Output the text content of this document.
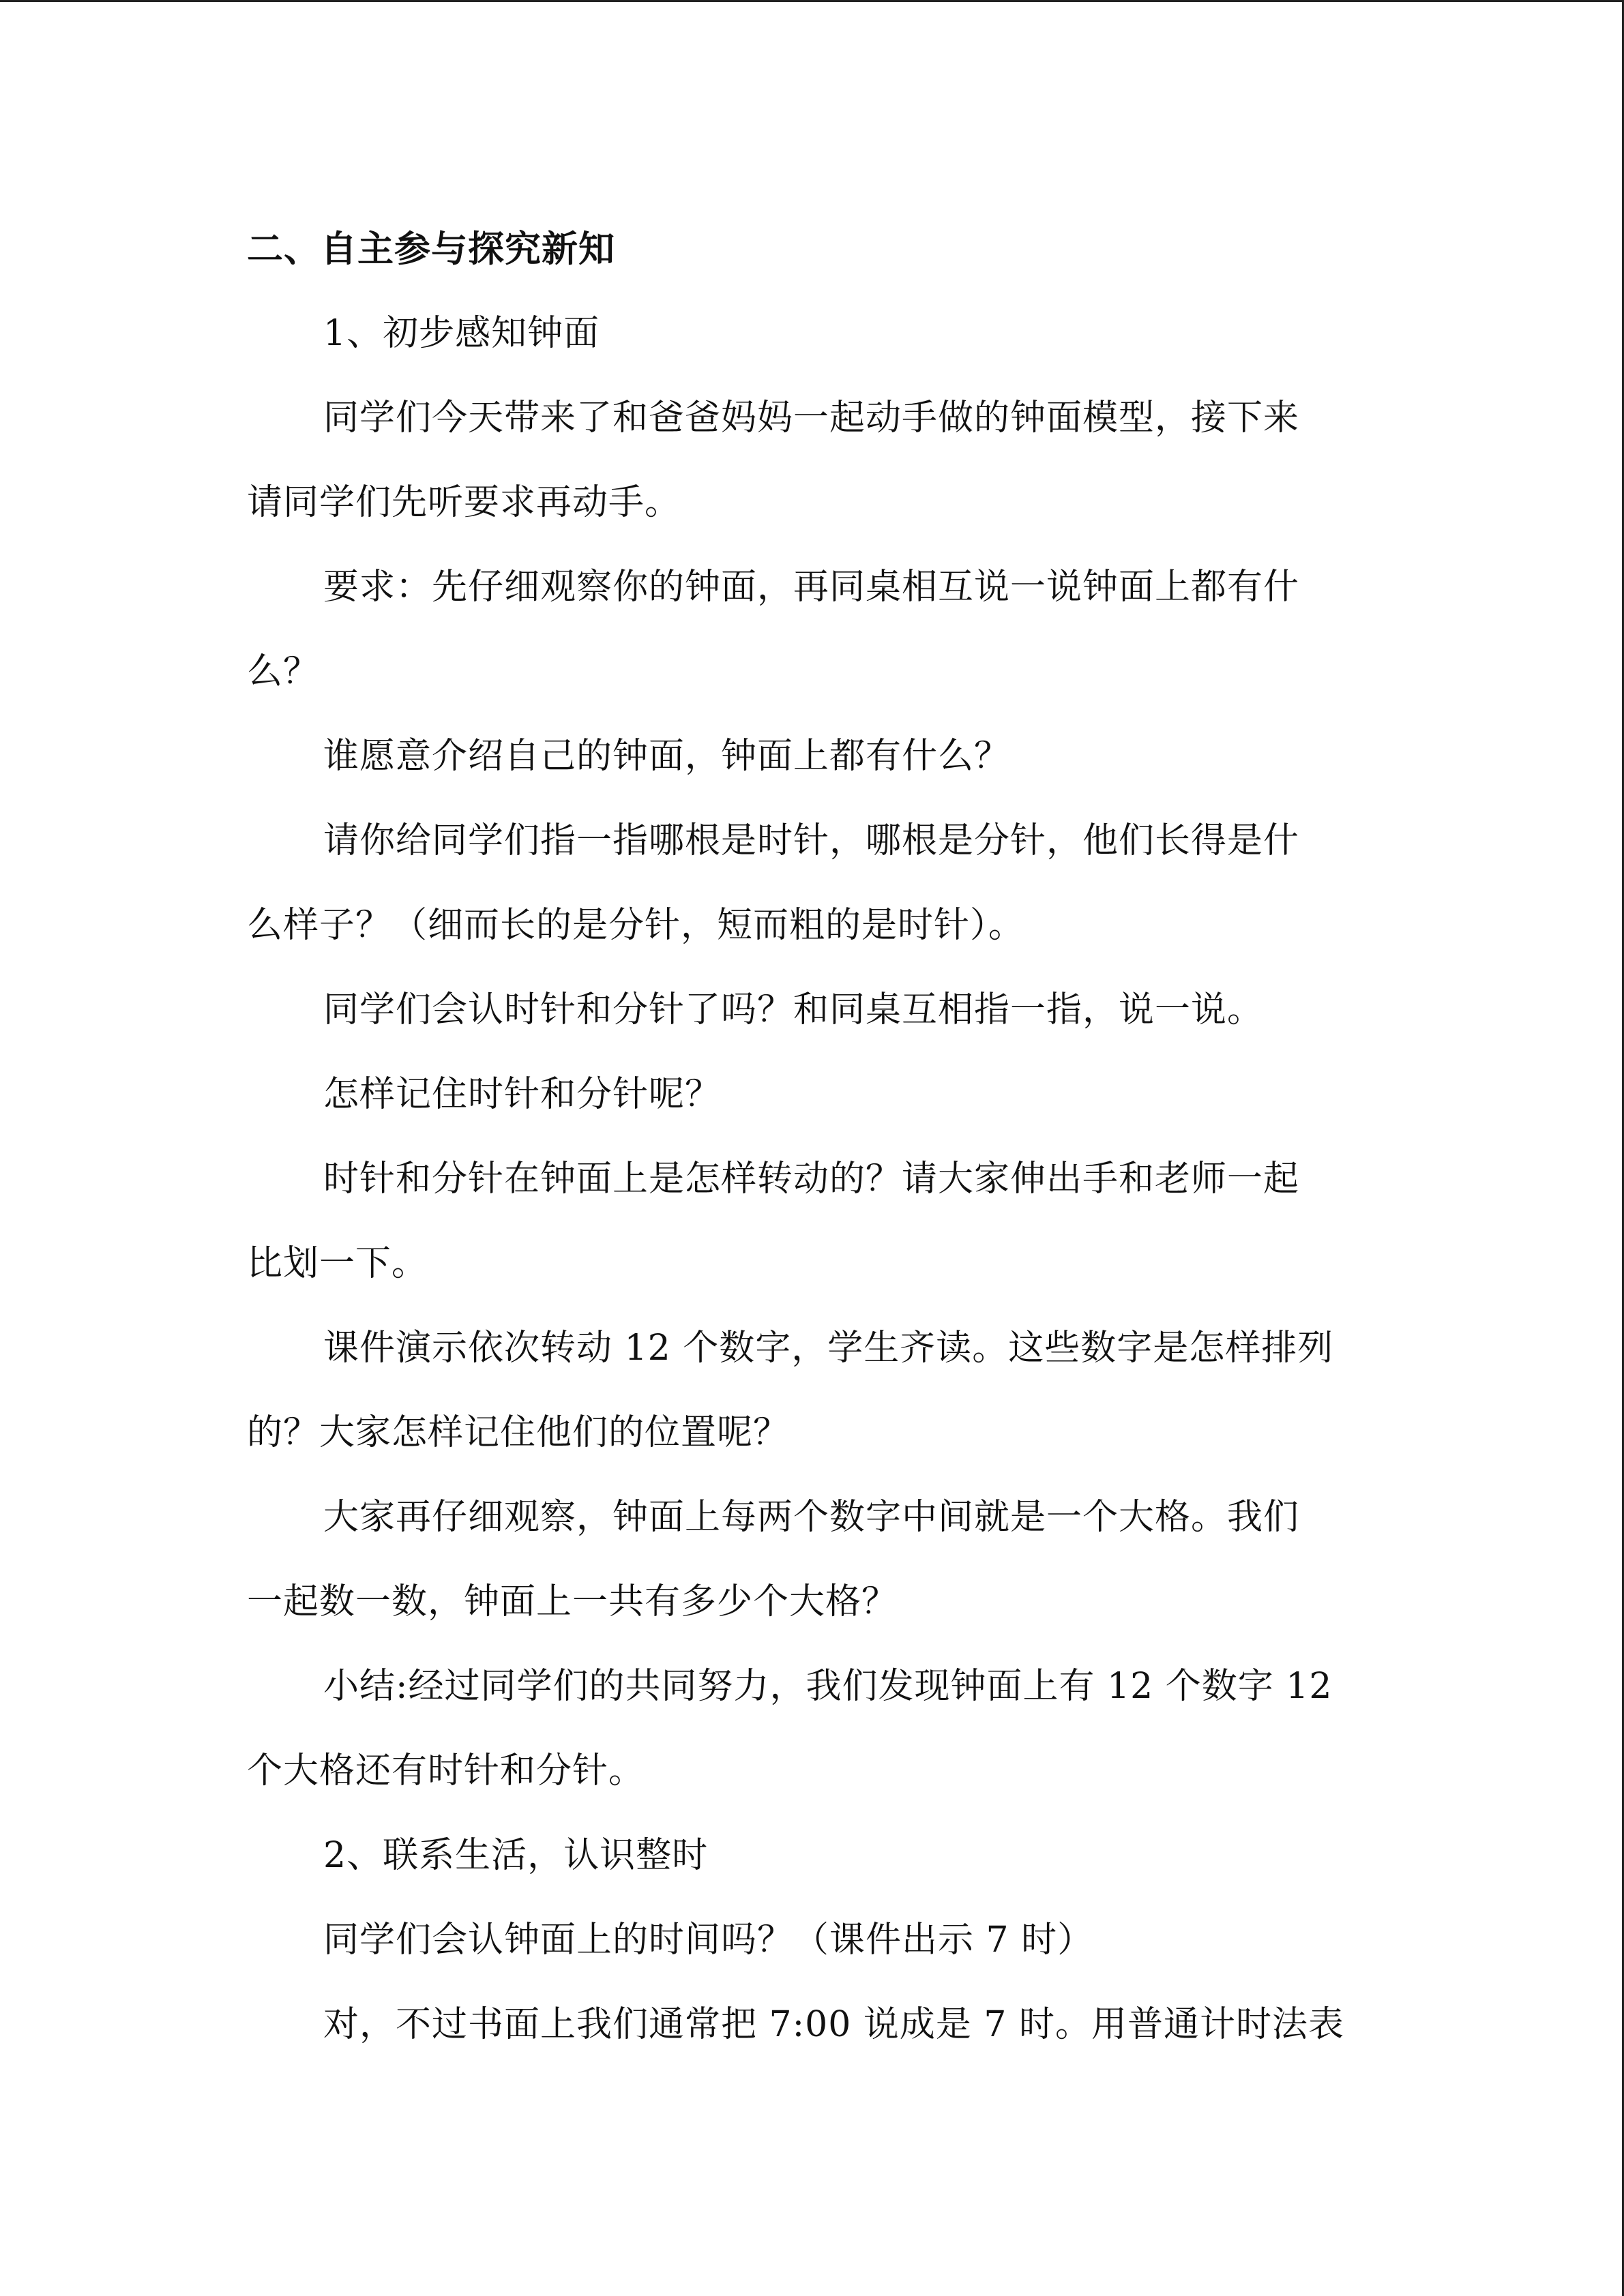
二、自主参与探究新知
1、初步感知钟面
同学们今天带来了和爸爸妈妈一起动手做的钟面模型，接下来
请同学们先听要求再动手。
要求：先仔细观察你的钟面，再同桌相互说一说钟面上都有什
么？
谁愿意介绍自己的钟面，钟面上都有什么？
请你给同学们指一指哪根是时针，哪根是分针，他们长得是什
么样子？（细而长的是分针，短而粗的是时针）。
同学们会认时针和分针了吗？和同桌互相指一指，说一说。
怎样记住时针和分针呢？
时针和分针在钟面上是怎样转动的？请大家伸出手和老师一起
比划一下。
课件演示依次转动 12 个数字，学生齐读。这些数字是怎样排列
的？大家怎样记住他们的位置呢？
大家再仔细观察，钟面上每两个数字中间就是一个大格。我们
一起数一数，钟面上一共有多少个大格？
小结:经过同学们的共同努力，我们发现钟面上有 12 个数字 12
个大格还有时针和分针。
2、联系生活，认识整时
同学们会认钟面上的时间吗？（课件出示 7 时）
对，不过书面上我们通常把 7:00 说成是 7 时。用普通计时法表
